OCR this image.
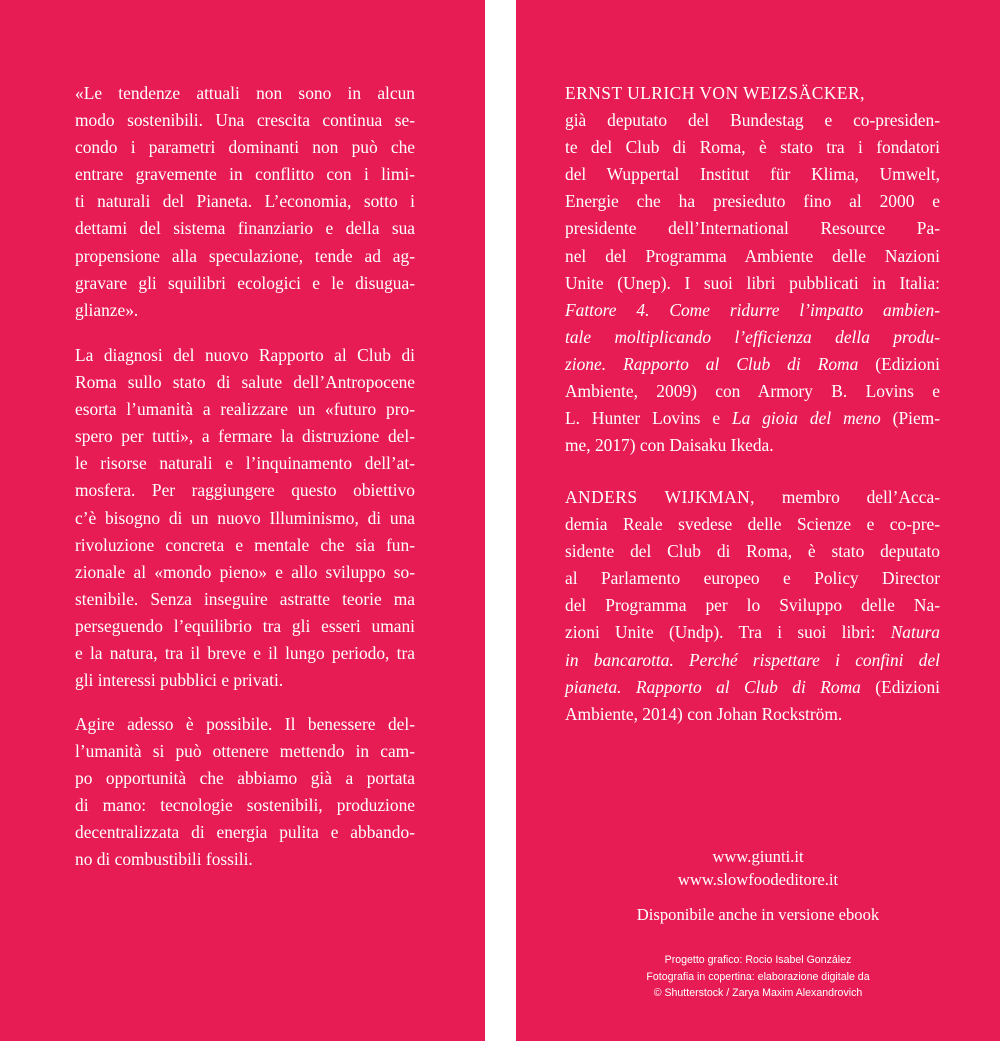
«Le tendenze attuali non sono in alcun
modo sostenibili. Una crescita continua se-
condo i parametri dominanti non può che
entrare gravemente in conflitto con i limi-
ti naturali del Pianeta. L’economia, sotto i
dettami del sistema finanziario e della sua
propensione alla speculazione, tende ad ag-
gravare gli squilibri ecologici e le disugua-
glianze».
La diagnosi del nuovo Rapporto al Club di
Roma sullo stato di salute dell’Antropocene
esorta l’umanità a realizzare un «futuro pro-
spero per tutti», a fermare la distruzione del-
le risorse naturali e l’inquinamento dell’at-
mosfera. Per raggiungere questo obiettivo
c’è bisogno di un nuovo Illuminismo, di una
rivoluzione concreta e mentale che sia fun-
zionale al «mondo pieno» e allo sviluppo so-
stenibile. Senza inseguire astratte teorie ma
perseguendo l’equilibrio tra gli esseri umani
e la natura, tra il breve e il lungo periodo, tra
gli interessi pubblici e privati.
Agire adesso è possibile. Il benessere del-
l’umanità si può ottenere mettendo in cam-
po opportunità che abbiamo già a portata
di mano: tecnologie sostenibili, produzione
decentralizzata di energia pulita e abbando-
no di combustibili fossili.
ERNST ULRICH VON WEIZSÄCKER,
già deputato del Bundestag e co-presiden-
te del Club di Roma, è stato tra i fondatori
del Wuppertal Institut für Klima, Umwelt,
Energie che ha presieduto fino al 2000 e
presidente dell’International Resource Pa-
nel del Programma Ambiente delle Nazioni
Unite (Unep). I suoi libri pubblicati in Italia:
Fattore 4. Come ridurre l’impatto ambien-
tale moltiplicando l’efficienza della produ-
zione. Rapporto al Club di Roma (Edizioni
Ambiente, 2009) con Armory B. Lovins e
L. Hunter Lovins e La gioia del meno (Piem-
me, 2017) con Daisaku Ikeda.
ANDERS WIJKMAN, membro dell’Acca-
demia Reale svedese delle Scienze e co-pre-
sidente del Club di Roma, è stato deputato
al Parlamento europeo e Policy Director
del Programma per lo Sviluppo delle Na-
zioni Unite (Undp). Tra i suoi libri: Natura
in bancarotta. Perché rispettare i confini del
pianeta. Rapporto al Club di Roma (Edizioni
Ambiente, 2014) con Johan Rockström.
www.giunti.it
www.slowfoodeditore.it
Disponibile anche in versione ebook
Progetto grafico: Rocio Isabel González
Fotografia in copertina: elaborazione digitale da
© Shutterstock / Zarya Maxim Alexandrovich
